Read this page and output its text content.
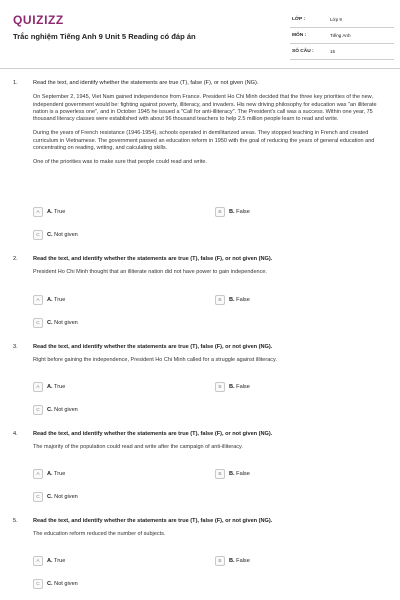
QUIZIZZ
Trắc nghiệm Tiếng Anh 9 Unit 5 Reading có đáp án
LỚP :	Lớp 9
MÔN :	Tiếng Anh
SỐ CÂU :	15
1.	Read the text, and identify whether the statements are true (T), false (F), or not given (NG).

On September 2, 1945, Viet Nam gained independence from France. President Ho Chi Minh decided that the three key priorities of the new, independent government would be: fighting against poverty, illiteracy, and invaders. His new driving philosophy for education was "an illiterate nation is a powerless one", and in October 1945 he issued a "Call for anti-illiteracy". The President's call was a success. Within one year, 75 thousand literacy classes were established with about 96 thousand teachers to help 2.5 million people learn to read and write.

During the years of French resistance (1946-1954), schools operated in demilitarized areas. They stopped teaching in French and created curriculum in Vietnamese. The government passed an education reform in 1950 with the goal of reducing the years of general education and concentrating on reading, writing, and calculating skills.

One of the priorities was to make sure that people could read and write.

A	A. True	B	B. False
C	C. Not given
2.	Read the text, and identify whether the statements are true (T), false (F), or not given (NG).

President Ho Chi Minh thought that an illiterate nation did not have power to gain independence.

A	A. True	B	B. False
C	C. Not given
3.	Read the text, and identify whether the statements are true (T), false (F), or not given (NG).

Right before gaining the independence, President Ho Chi Minh called for a struggle against illiteracy.

A	A. True	B	B. False
C	C. Not given
4.	Read the text, and identify whether the statements are true (T), false (F), or not given (NG).

The majority of the population could read and write after the campaign of anti-illiteracy.

A	A. True	B	B. False
C	C. Not given
5.	Read the text, and identify whether the statements are true (T), false (F), or not given (NG).

The education reform reduced the number of subjects.

A	A. True	B	B. False
C	C. Not given
